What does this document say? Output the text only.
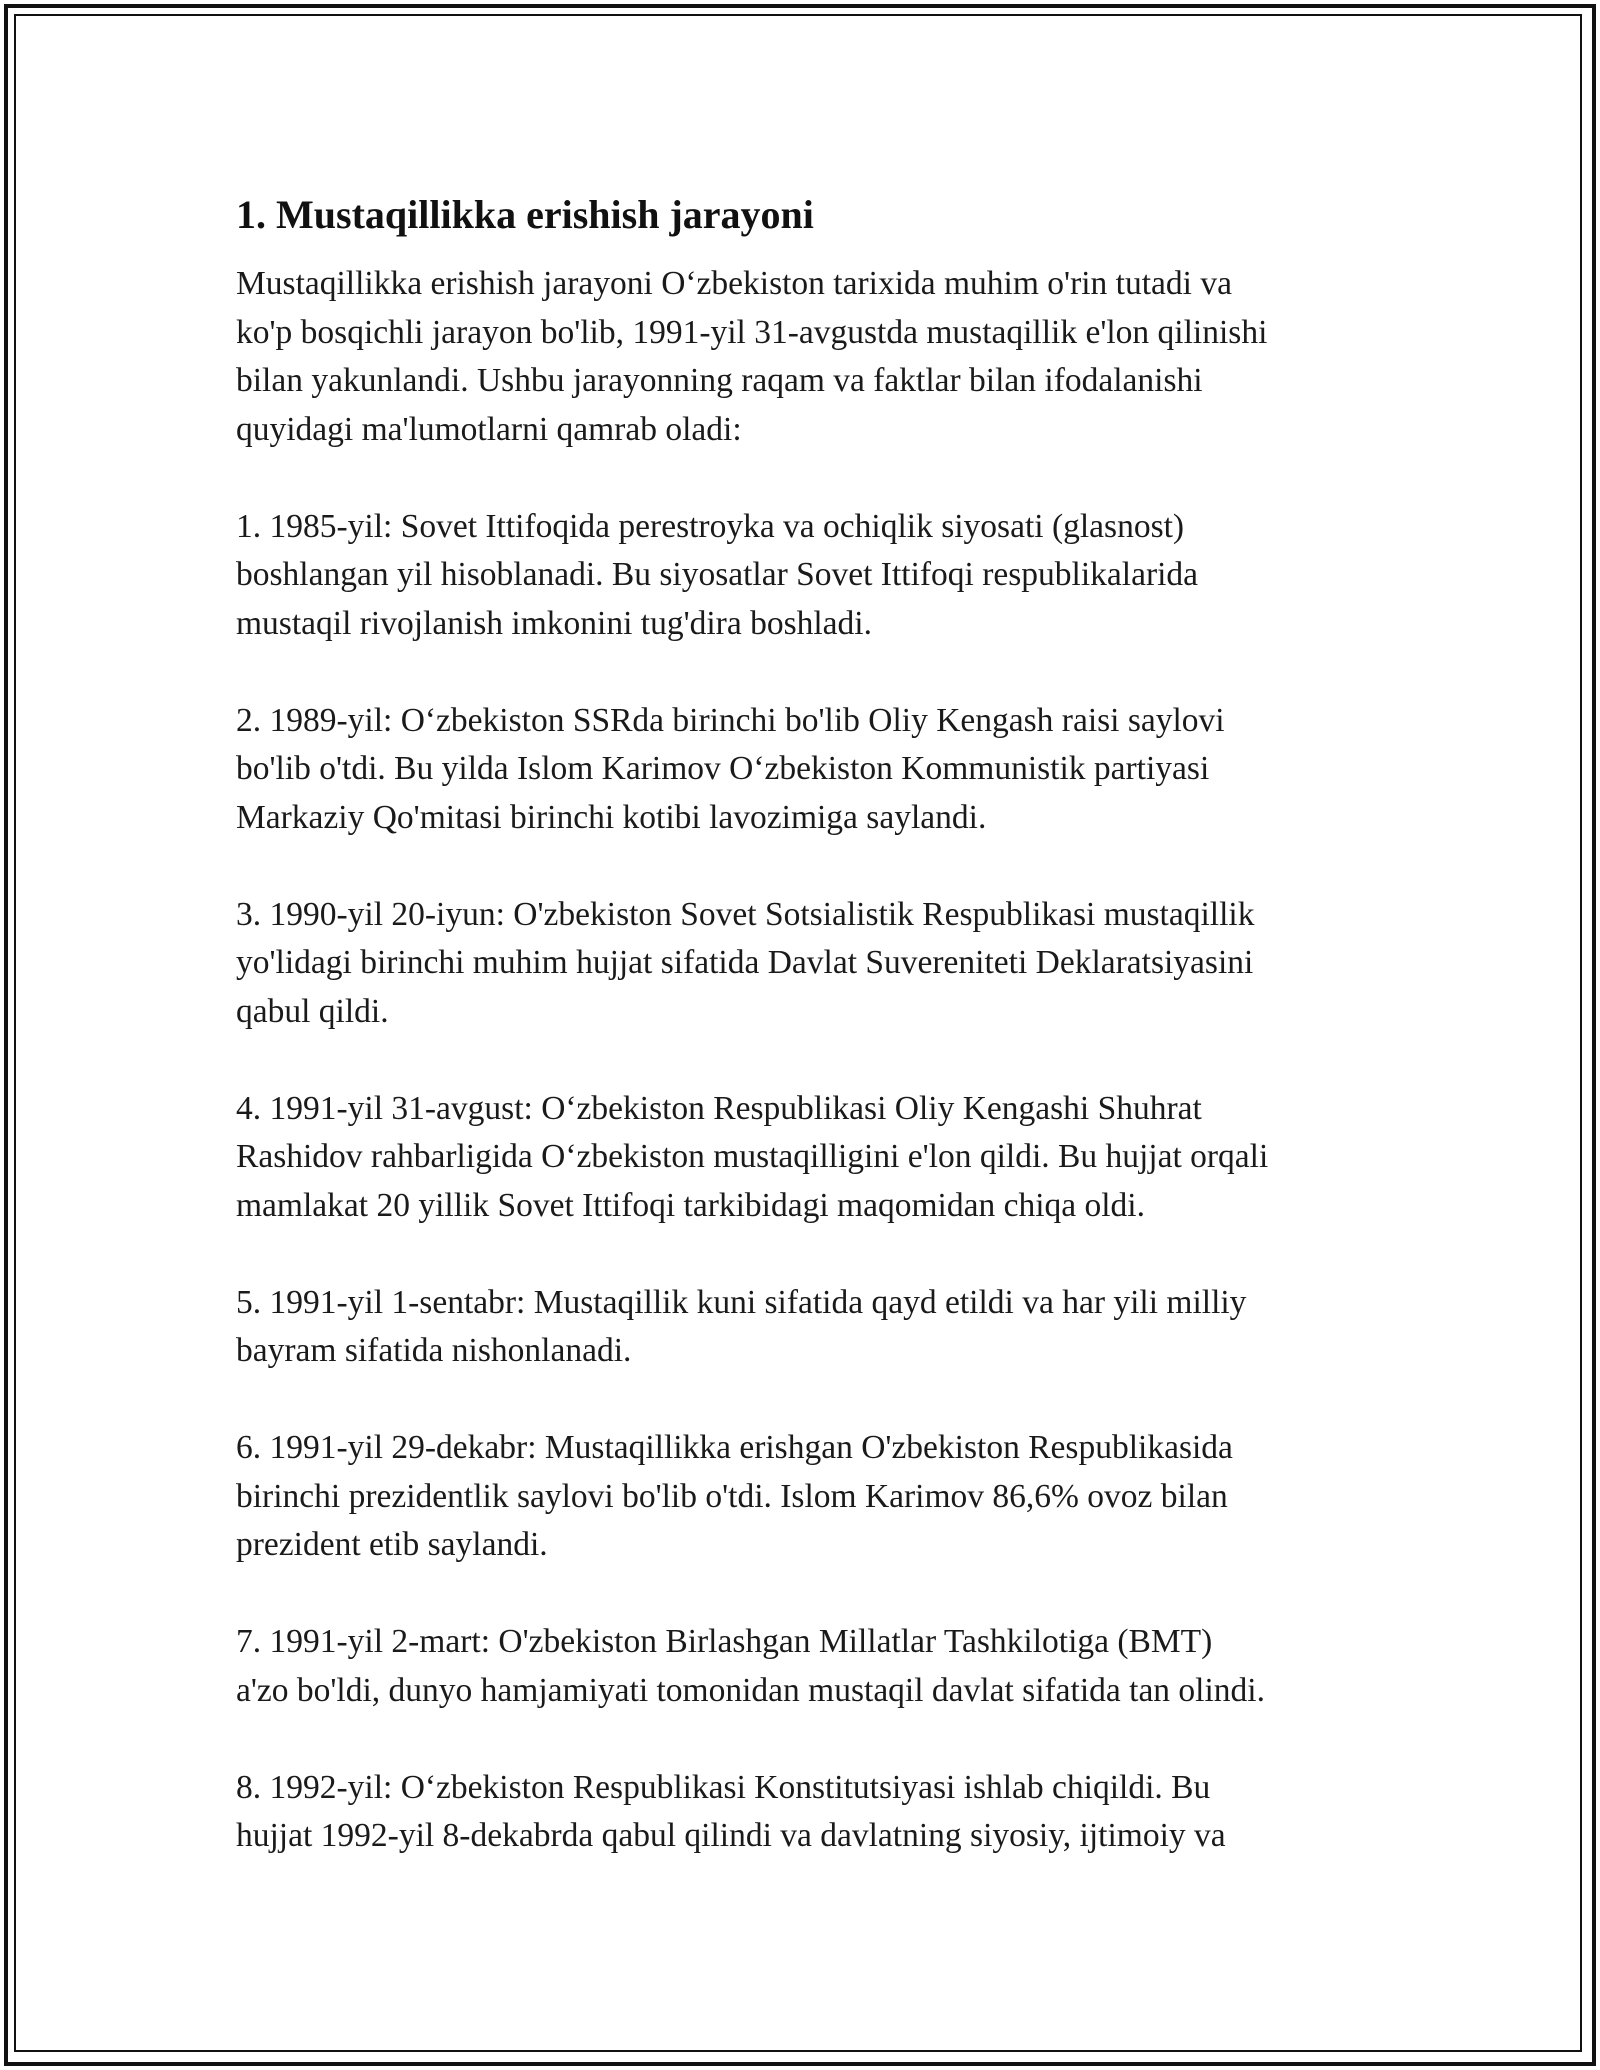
1. Mustaqillikka erishish jarayoni

Mustaqillikka erishish jarayoni O‘zbekiston tarixida muhim o'rin tutadi va
ko'p bosqichli jarayon bo'lib, 1991-yil 31-avgustda mustaqillik e'lon qilinishi
bilan yakunlandi. Ushbu jarayonning raqam va faktlar bilan ifodalanishi
quyidagi ma'lumotlarni qamrab oladi:

1. 1985-yil: Sovet Ittifoqida perestroyka va ochiqlik siyosati (glasnost)
boshlangan yil hisoblanadi. Bu siyosatlar Sovet Ittifoqi respublikalarida
mustaqil rivojlanish imkonini tug'dira boshladi.

2. 1989-yil: O‘zbekiston SSRda birinchi bo'lib Oliy Kengash raisi saylovi
bo'lib o'tdi. Bu yilda Islom Karimov O‘zbekiston Kommunistik partiyasi
Markaziy Qo'mitasi birinchi kotibi lavozimiga saylandi.

3. 1990-yil 20-iyun: O'zbekiston Sovet Sotsialistik Respublikasi mustaqillik
yo'lidagi birinchi muhim hujjat sifatida Davlat Suvereniteti Deklaratsiyasini
qabul qildi.

4. 1991-yil 31-avgust: O‘zbekiston Respublikasi Oliy Kengashi Shuhrat
Rashidov rahbarligida O‘zbekiston mustaqilligini e'lon qildi. Bu hujjat orqali
mamlakat 20 yillik Sovet Ittifoqi tarkibidagi maqomidan chiqa oldi.

5. 1991-yil 1-sentabr: Mustaqillik kuni sifatida qayd etildi va har yili milliy
bayram sifatida nishonlanadi.

6. 1991-yil 29-dekabr: Mustaqillikka erishgan O'zbekiston Respublikasida
birinchi prezidentlik saylovi bo'lib o'tdi. Islom Karimov 86,6% ovoz bilan
prezident etib saylandi.

7. 1991-yil 2-mart: O'zbekiston Birlashgan Millatlar Tashkilotiga (BMT)
a'zo bo'ldi, dunyo hamjamiyati tomonidan mustaqil davlat sifatida tan olindi.

8. 1992-yil: O‘zbekiston Respublikasi Konstitutsiyasi ishlab chiqildi. Bu
hujjat 1992-yil 8-dekabrda qabul qilindi va davlatning siyosiy, ijtimoiy va
